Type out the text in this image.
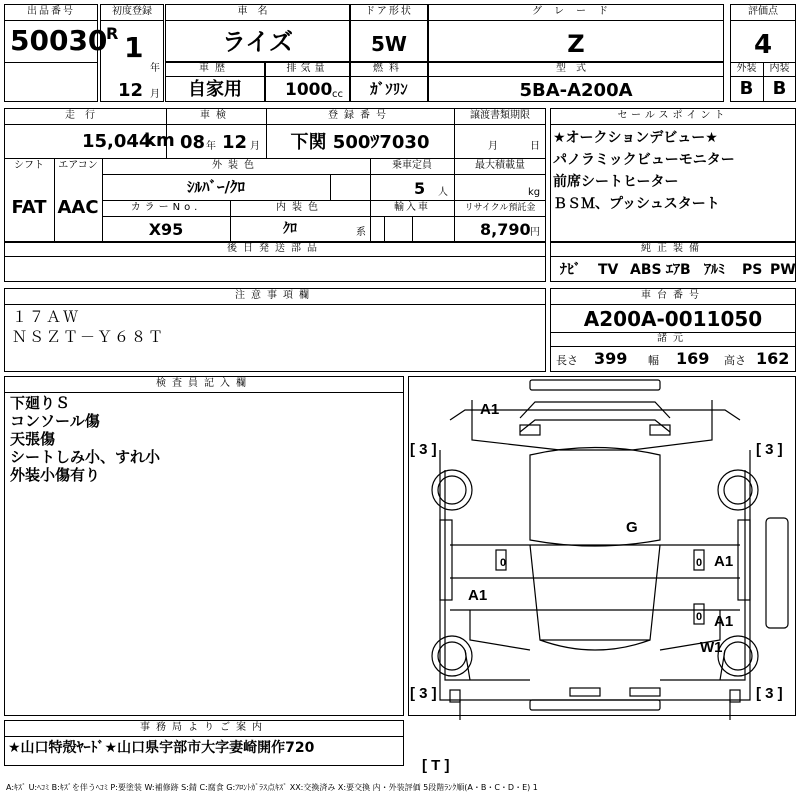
出品番号
50030
初度登録
R 1
年
12 月
車名
ライズ
ドア形状
5W
グレード
Z
評価点
4
外装	内装
B	B
車歴
自家用
排気量
1000 cc
燃料
ｶﾞｿﾘﾝ
型式
5BA-A200A
走行
15,044
km
車検
08 年 12 月
登録番号
下関 500ﾂ7030
譲渡書類期限
月	日
シフト	エアコン
FAT AAC
外装色
ｼﾙﾊﾞｰ/ｸﾛ
乗車定員
5 人
最大積載量
kg
カラーNo.
X95
内装色
ｸﾛ	系
輸入車	リサイクル預託金
8,790 円
後日発送部品
セールスポイント
★オークションデビュー★
パノラミックビューモニター
前席シートヒーター
ＢＳＭ、プッシュスタート
純正装備
ﾅﾋﾞ TV ABS ｴｱB ｱﾙﾐ PS PW
注意事項欄
１７ＡＷ
ＮＳＺＴ－Ｙ６８Ｔ
車台番号
A200A-0011050
諸元
長さ 399 幅 169 高さ 162
検査員記入欄
下廻りＳ
コンソール傷
天張傷
シートしみ小、すれ小
外装小傷有り
A1
G
A1
A1
A1
W1
0	0
0
[ 3 ]	[ 3 ]
[ 3 ]	[ 3 ]
[ T ]
事務局よりご案内
★山口特殻ﾔｰﾄﾞ★山口県宇部市大字妻崎開作720
A:ｷｽﾞ U:ﾍｺﾐ B:ｷｽﾞを伴うﾍｺﾐ P:要塗装 W:補修跡 S:錆 C:腐食 G:ﾌﾛﾝﾄｶﾞﾗｽ点ｷｽﾞ XX:交換済み X:要交換 内・外装評価 5段階ﾗﾝｸ順(A・B・C・D・E) 1
